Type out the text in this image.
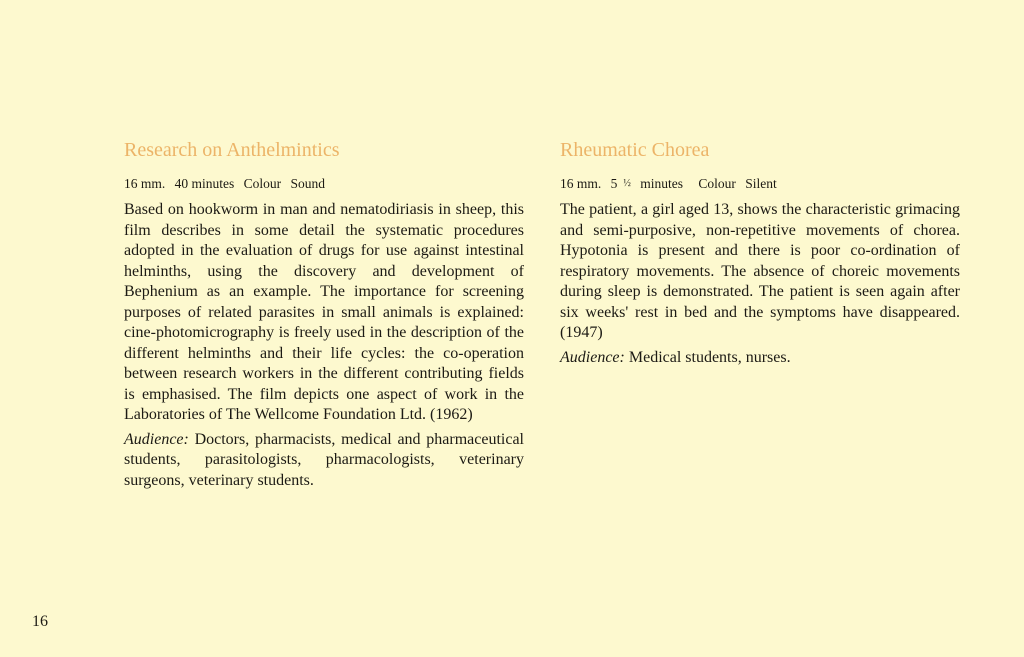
Research on Anthelmintics

16 mm. 40 minutes Colour Sound

Based on hookworm in man and nematodiriasis in sheep, this film describes in some detail the systematic procedures adopted in the evaluation of drugs for use against intestinal helminths, using the discovery and development of Bephenium as an example. The importance for screening purposes of related parasites in small animals is explained: cine-photomicrography is freely used in the description of the different helminths and their life cycles: the co-operation between research workers in the different contributing fields is emphasised. The film depicts one aspect of work in the Laboratories of The Wellcome Foundation Ltd. (1962)

Audience: Doctors, pharmacists, medical and pharmaceutical students, parasitologists, pharmacologists, veterinary surgeons, veterinary students.

Rheumatic Chorea

16 mm. 5 ½ minutes Colour Silent

The patient, a girl aged 13, shows the characteristic grimacing and semi-purposive, non-repetitive movements of chorea. Hypotonia is present and there is poor co-ordination of respiratory movements. The absence of choreic movements during sleep is demonstrated. The patient is seen again after six weeks' rest in bed and the symptoms have disappeared. (1947)

Audience: Medical students, nurses.

16
